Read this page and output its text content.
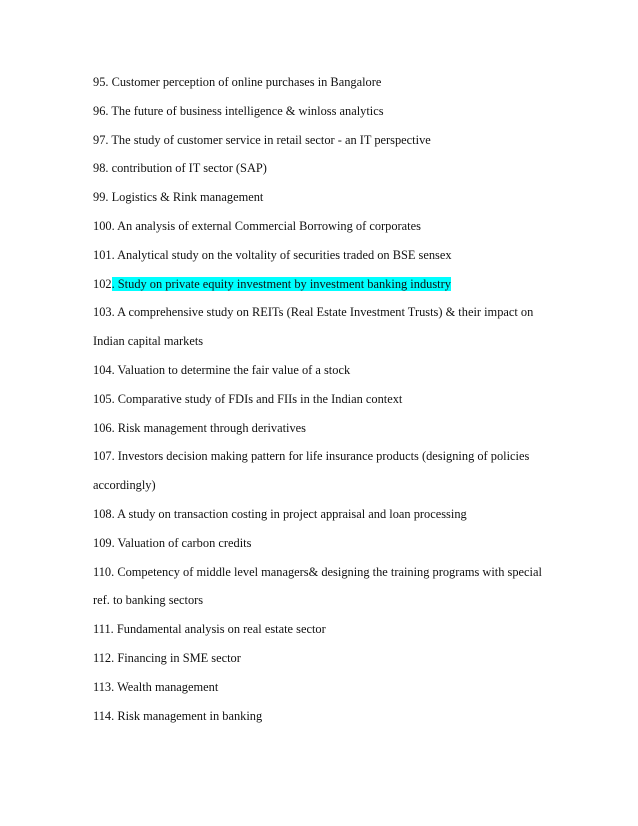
95. Customer perception of online purchases in Bangalore
96. The future of business intelligence & winloss analytics
97. The study of customer service in retail sector - an IT perspective
98. contribution of IT sector (SAP)
99. Logistics & Rink management
100. An analysis of external Commercial Borrowing of corporates
101. Analytical study on the voltality of securities traded on BSE sensex
102. Study on private equity investment by investment banking industry
103. A comprehensive study on REITs (Real Estate Investment Trusts) & their impact on
Indian capital markets
104. Valuation to determine the fair value of a stock
105. Comparative study of FDIs and FIIs in the Indian context
106. Risk management through derivatives
107. Investors decision making pattern for life insurance products (designing of policies
accordingly)
108. A study on transaction costing in project appraisal and loan processing
109. Valuation of carbon credits
110. Competency of middle level managers& designing the training programs with special
ref. to banking sectors
111. Fundamental analysis on real estate sector
112. Financing in SME sector
113. Wealth management
114. Risk management in banking
